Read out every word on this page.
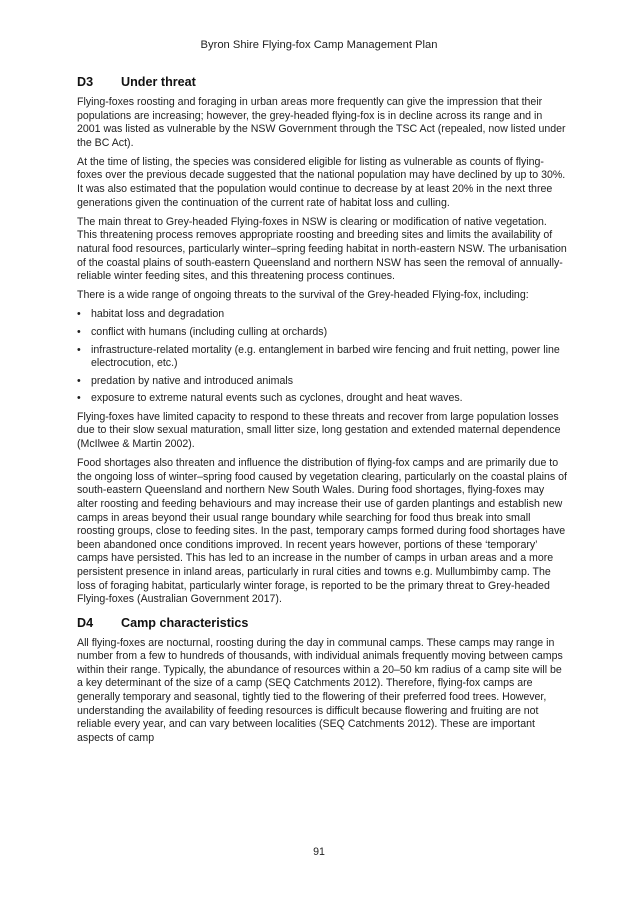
Byron Shire Flying-fox Camp Management Plan
D3	Under threat

Flying-foxes roosting and foraging in urban areas more frequently can give the impression that their populations are increasing; however, the grey-headed flying-fox is in decline across its range and in 2001 was listed as vulnerable by the NSW Government through the TSC Act (repealed, now listed under the BC Act).

At the time of listing, the species was considered eligible for listing as vulnerable as counts of flying-foxes over the previous decade suggested that the national population may have declined by up to 30%. It was also estimated that the population would continue to decrease by at least 20% in the next three generations given the continuation of the current rate of habitat loss and culling.

The main threat to Grey-headed Flying-foxes in NSW is clearing or modification of native vegetation. This threatening process removes appropriate roosting and breeding sites and limits the availability of natural food resources, particularly winter–spring feeding habitat in north-eastern NSW. The urbanisation of the coastal plains of south-eastern Queensland and northern NSW has seen the removal of annually-reliable winter feeding sites, and this threatening process continues.

There is a wide range of ongoing threats to the survival of the Grey-headed Flying-fox, including:

• habitat loss and degradation
• conflict with humans (including culling at orchards)
• infrastructure-related mortality (e.g. entanglement in barbed wire fencing and fruit netting, power line electrocution, etc.)
• predation by native and introduced animals
• exposure to extreme natural events such as cyclones, drought and heat waves.

Flying-foxes have limited capacity to respond to these threats and recover from large population losses due to their slow sexual maturation, small litter size, long gestation and extended maternal dependence (McIlwee & Martin 2002).

Food shortages also threaten and influence the distribution of flying-fox camps and are primarily due to the ongoing loss of winter–spring food caused by vegetation clearing, particularly on the coastal plains of south-eastern Queensland and northern New South Wales. During food shortages, flying-foxes may alter roosting and feeding behaviours and may increase their use of garden plantings and establish new camps in areas beyond their usual range boundary while searching for food thus break into small roosting groups, close to feeding sites. In the past, temporary camps formed during food shortages have been abandoned once conditions improved. In recent years however, portions of these ‘temporary’ camps have persisted. This has led to an increase in the number of camps in urban areas and a more persistent presence in inland areas, particularly in rural cities and towns e.g. Mullumbimby camp. The loss of foraging habitat, particularly winter forage, is reported to be the primary threat to Grey-headed Flying-foxes (Australian Government 2017).

D4	Camp characteristics

All flying-foxes are nocturnal, roosting during the day in communal camps. These camps may range in number from a few to hundreds of thousands, with individual animals frequently moving between camps within their range. Typically, the abundance of resources within a 20–50 km radius of a camp site will be a key determinant of the size of a camp (SEQ Catchments 2012). Therefore, flying-fox camps are generally temporary and seasonal, tightly tied to the flowering of their preferred food trees. However, understanding the availability of feeding resources is difficult because flowering and fruiting are not reliable every year, and can vary between localities (SEQ Catchments 2012). These are important aspects of camp

91
